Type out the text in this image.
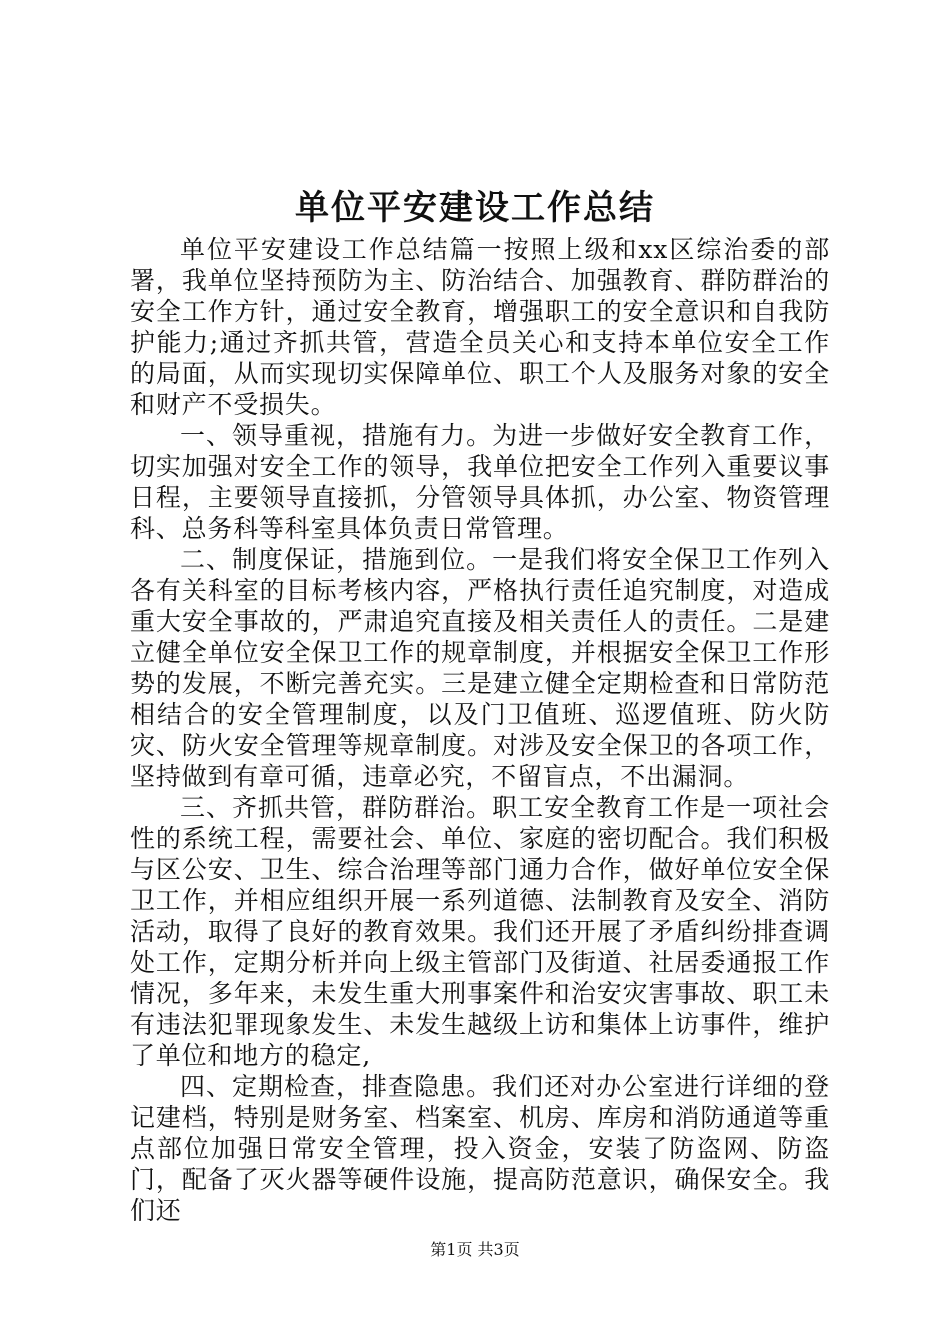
单位平安建设工作总结

单位平安建设工作总结篇一按照上级和xx区综治委的部署，我单位坚持预防为主、防治结合、加强教育、群防群治的安全工作方针，通过安全教育，增强职工的安全意识和自我防护能力;通过齐抓共管，营造全员关心和支持本单位安全工作的局面，从而实现切实保障单位、职工个人及服务对象的安全和财产不受损失。

一、领导重视，措施有力。为进一步做好安全教育工作，切实加强对安全工作的领导，我单位把安全工作列入重要议事日程，主要领导直接抓，分管领导具体抓，办公室、物资管理科、总务科等科室具体负责日常管理。

二、制度保证，措施到位。一是我们将安全保卫工作列入各有关科室的目标考核内容，严格执行责任追究制度，对造成重大安全事故的，严肃追究直接及相关责任人的责任。二是建立健全单位安全保卫工作的规章制度，并根据安全保卫工作形势的发展，不断完善充实。三是建立健全定期检查和日常防范相结合的安全管理制度，以及门卫值班、巡逻值班、防火防灾、防火安全管理等规章制度。对涉及安全保卫的各项工作，坚持做到有章可循，违章必究，不留盲点，不出漏洞。

三、齐抓共管，群防群治。职工安全教育工作是一项社会性的系统工程，需要社会、单位、家庭的密切配合。我们积极与区公安、卫生、综合治理等部门通力合作，做好单位安全保卫工作，并相应组织开展一系列道德、法制教育及安全、消防活动，取得了良好的教育效果。我们还开展了矛盾纠纷排查调处工作，定期分析并向上级主管部门及街道、社居委通报工作情况，多年来，未发生重大刑事案件和治安灾害事故、职工未有违法犯罪现象发生、未发生越级上访和集体上访事件，维护了单位和地方的稳定,

四、定期检查，排查隐患。我们还对办公室进行详细的登记建档，特别是财务室、档案室、机房、库房和消防通道等重点部位加强日常安全管理，投入资金，安装了防盗网、防盗门，配备了灭火器等硬件设施，提高防范意识，确保安全。我们还

第1页 共3页
